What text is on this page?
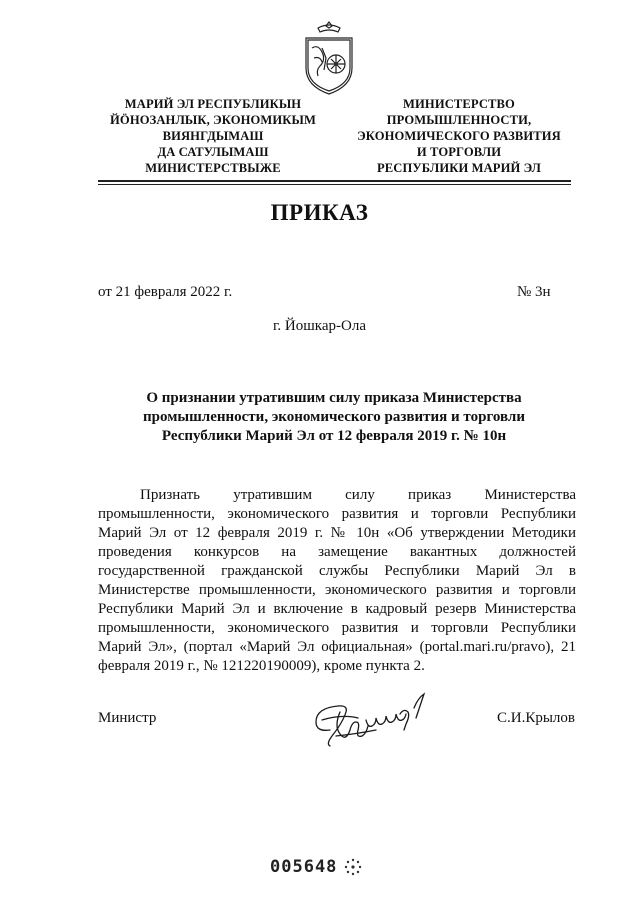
МАРИЙ ЭЛ РЕСПУБЛИКЫН
ЙӦНОЗАНЛЫК, ЭКОНОМИКЫМ
ВИЯНГДЫМАШ
ДА САТУЛЫМАШ
МИНИСТЕРСТВЫЖЕ
МИНИСТЕРСТВО
ПРОМЫШЛЕННОСТИ,
ЭКОНОМИЧЕСКОГО РАЗВИТИЯ
И ТОРГОВЛИ
РЕСПУБЛИКИ МАРИЙ ЭЛ
ПРИКАЗ
от 21 февраля 2022 г.	№ 3н
г. Йошкар-Ола
О признании утратившим силу приказа Министерства промышленности, экономического развития и торговли Республики Марий Эл от 12 февраля 2019 г. № 10н

Признать утратившим силу приказ Министерства промышленности, экономического развития и торговли Республики Марий Эл от 12 февраля 2019 г. № 10н «Об утверждении Методики проведения конкурсов на замещение вакантных должностей государственной гражданской службы Республики Марий Эл в Министерстве промышленности, экономического развития и торговли Республики Марий Эл и включение в кадровый резерв Министерства промышленности, экономического развития и торговли Республики Марий Эл», (портал «Марий Эл официальная» (portal.mari.ru/pravo), 21 февраля 2019 г., № 121220190009), кроме пункта 2.

Министр	С.И.Крылов
005648
